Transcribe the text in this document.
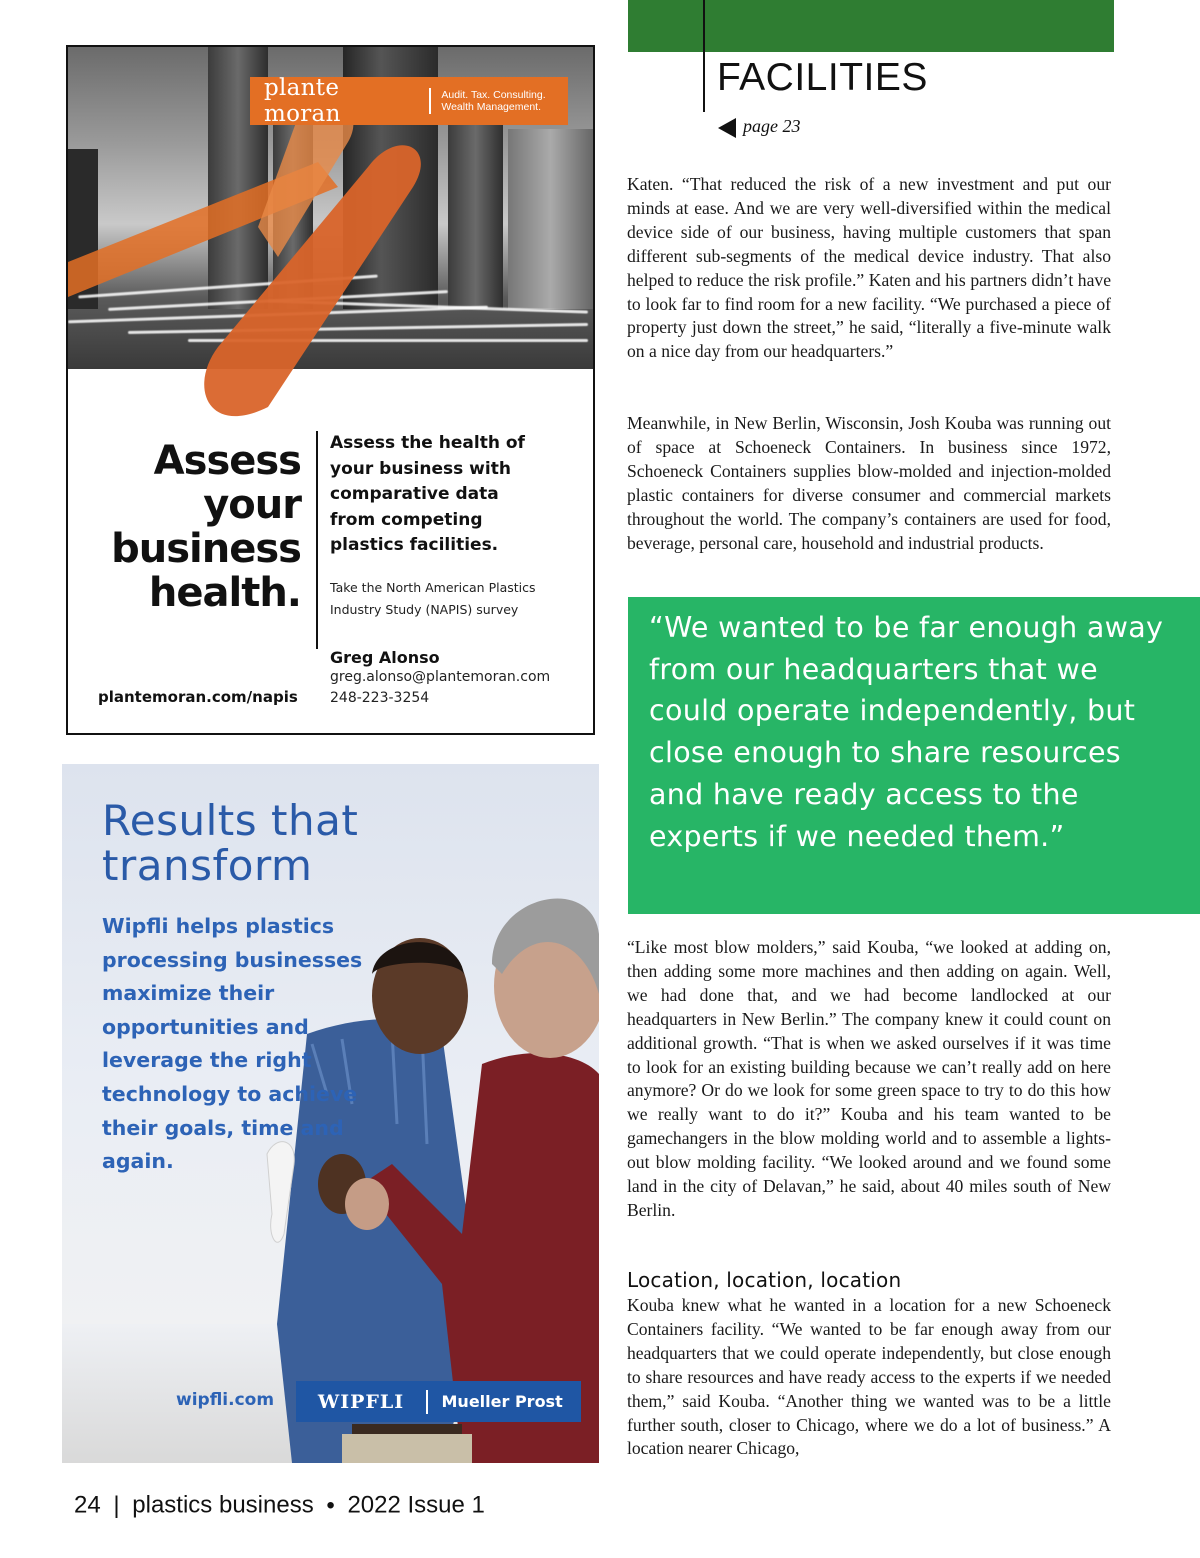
plante moran
Audit. Tax. Consulting. Wealth Management.
Assess
your
business
health.
Assess the health of your business with comparative data from competing plastics facilities.
Take the North American Plastics Industry Study (NAPIS) survey
Greg Alonso
greg.alonso@plantemoran.com
248-223-3254
plantemoran.com/napis
Results that transform
Wipfli helps plastics processing businesses maximize their opportunities and leverage the right technology to achieve their goals, time and again.
wipfli.com	WIPFLI	Mueller Prost
FACILITIES
page 23

Katen. “That reduced the risk of a new investment and put our minds at ease. And we are very well-diversified within the medical device side of our business, having multiple customers that span different sub-segments of the medical device industry. That also helped to reduce the risk profile.” Katen and his partners didn’t have to look far to find room for a new facility. “We purchased a piece of property just down the street,” he said, “literally a five-minute walk on a nice day from our headquarters.”

Meanwhile, in New Berlin, Wisconsin, Josh Kouba was running out of space at Schoeneck Containers. In business since 1972, Schoeneck Containers supplies blow-molded and injection-molded plastic containers for diverse consumer and commercial markets throughout the world. The company’s containers are used for food, beverage, personal care, household and industrial products.

“We wanted to be far enough away from our headquarters that we could operate independently, but close enough to share resources and have ready access to the experts if we needed them.”

“Like most blow molders,” said Kouba, “we looked at adding on, then adding some more machines and then adding on again. Well, we had done that, and we had become landlocked at our headquarters in New Berlin.” The company knew it could count on additional growth. “That is when we asked ourselves if it was time to look for an existing building because we can’t really add on here anymore? Or do we look for some green space to try to do this how we really want to do it?” Kouba and his team wanted to be gamechangers in the blow molding world and to assemble a lights-out blow molding facility. “We looked around and we found some land in the city of Delavan,” he said, about 40 miles south of New Berlin.

Location, location, location

Kouba knew what he wanted in a location for a new Schoeneck Containers facility. “We wanted to be far enough away from our headquarters that we could operate independently, but close enough to share resources and have ready access to the experts if we needed them,” said Kouba. “Another thing we wanted was to be a little further south, closer to Chicago, where we do a lot of business.” A location nearer Chicago,

24 | plastics business • 2022 Issue 1
